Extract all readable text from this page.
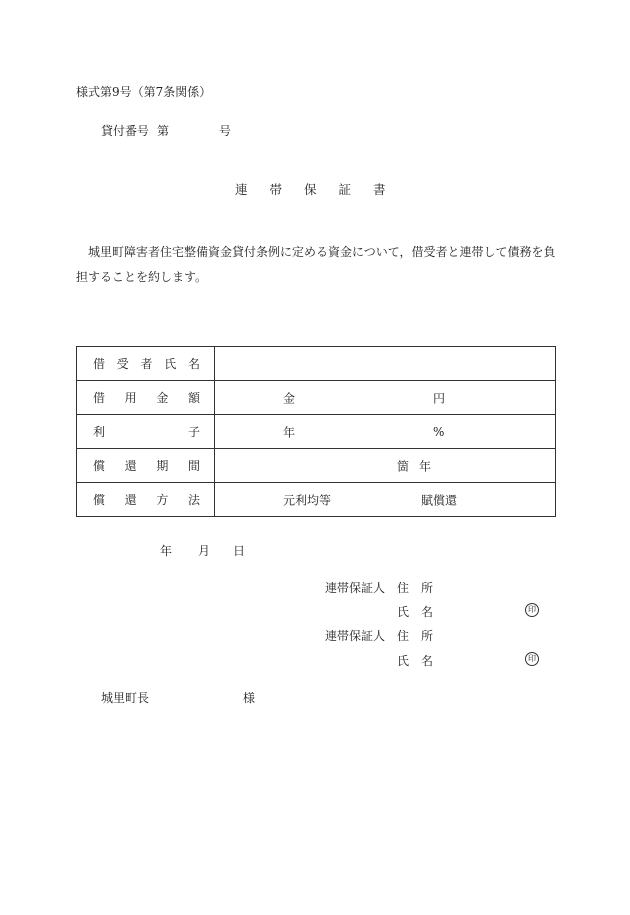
様式第9号（第7条関係）
貸付番号 第	号
連帯保証書
城里町障害者住宅整備資金貸付条例に定める資金について，借受者と連帯して債務を負担することを約します。
借 受 者 氏 名	

借 用 金 額	金 円

利 子	年 %

償 還 期 間	箇 年

償 還 方 法	元利均等 賦償還
年 月 日
連帯保証人 住　所
氏　名	印
連帯保証人 住　所
氏　名	印
城里町長	様
